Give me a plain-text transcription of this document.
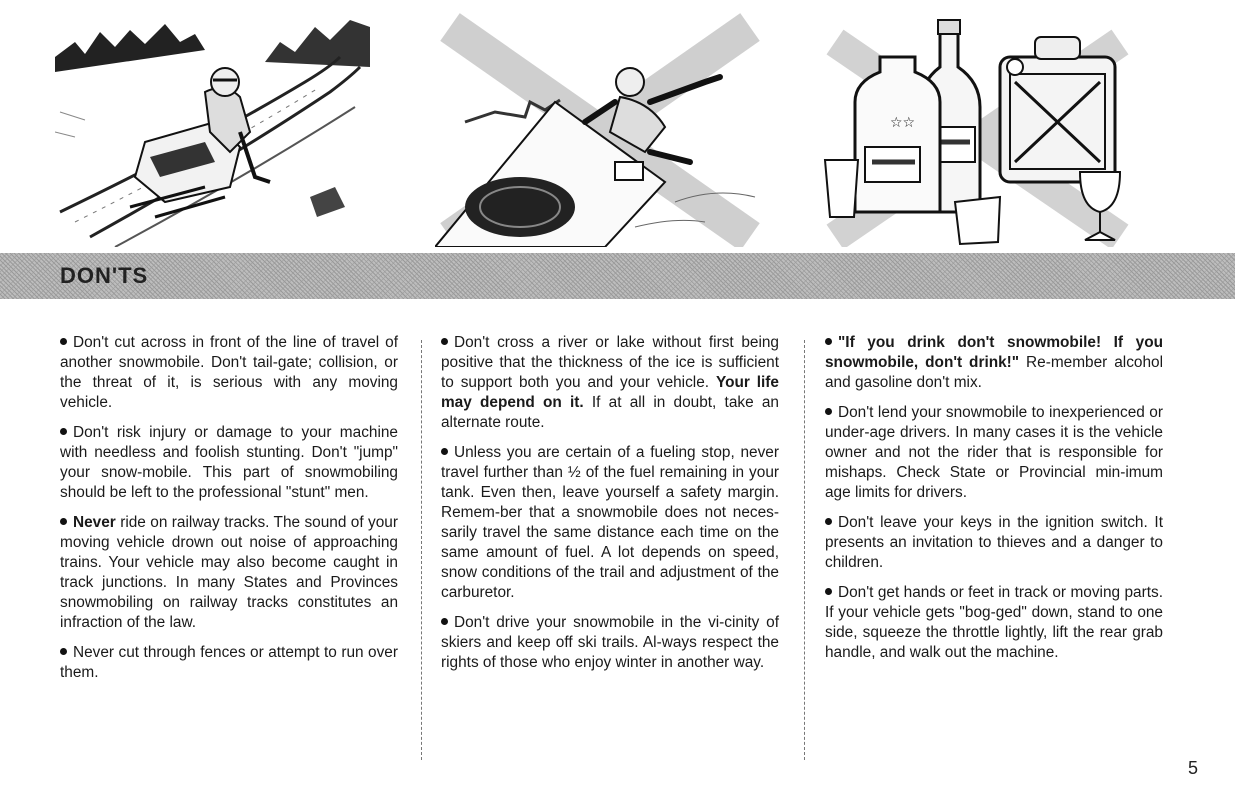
☆☆
DON'TS

Don't cut across in front of the line of travel of another snowmobile. Don't tail-gate; collision, or the threat of it, is serious with any moving vehicle.

Don't risk injury or damage to your machine with needless and foolish stunting. Don't "jump" your snow-mobile. This part of snowmobiling should be left to the professional "stunt" men.

Never ride on railway tracks. The sound of your moving vehicle drown out noise of approaching trains. Your vehicle may also become caught in track junctions. In many States and Provinces snowmobiling on railway tracks constitutes an infraction of the law.

Never cut through fences or attempt to run over them.

Don't cross a river or lake without first being positive that the thickness of the ice is sufficient to support both you and your vehicle. Your life may depend on it. If at all in doubt, take an alternate route.

Unless you are certain of a fueling stop, never travel further than ½ of the fuel remaining in your tank. Even then, leave yourself a safety margin. Remem-ber that a snowmobile does not neces-sarily travel the same distance each time on the same amount of fuel. A lot depends on speed, snow conditions of the trail and adjustment of the carburetor.

Don't drive your snowmobile in the vi-cinity of skiers and keep off ski trails. Al-ways respect the rights of those who enjoy winter in another way.

"If you drink don't snowmobile! If you snowmobile, don't drink!" Re-member alcohol and gasoline don't mix.

Don't lend your snowmobile to inexperienced or under-age drivers. In many cases it is the vehicle owner and not the rider that is responsible for mishaps. Check State or Provincial min-imum age limits for drivers.

Don't leave your keys in the ignition switch. It presents an invitation to thieves and a danger to children.

Don't get hands or feet in track or moving parts. If your vehicle gets "bog-ged" down, stand to one side, squeeze the throttle lightly, lift the rear grab handle, and walk out the machine.

5
